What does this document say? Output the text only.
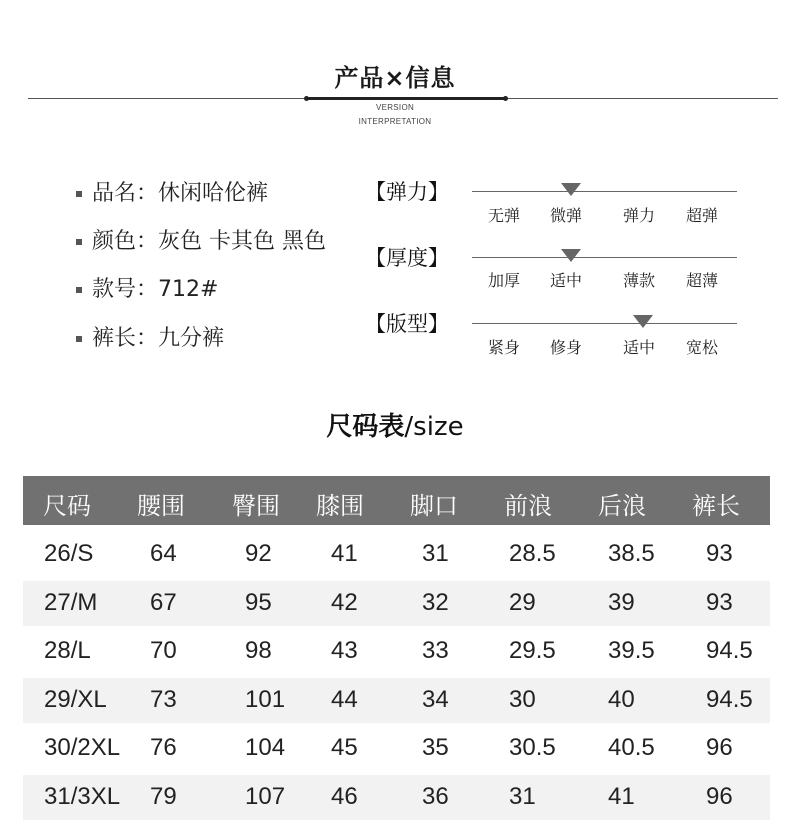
产品×信息
VERSION
INTERPRETATION
品名：休闲哈伦裤
颜色：灰色 卡其色 黑色
款号：712#
裤长：九分裤
【弹力】
无弹 微弹	弹力 超弹
【厚度】
加厚 适中	薄款 超薄
【版型】
紧身 修身	适中 宽松
尺码表/size
尺码 腰围 臀围 膝围 脚口 前浪 后浪 裤长
26/S 64	92 41	31	28.5 38.5 93
27/M 67	95 42	32	29	39	93
28/L 70	98 43	33	29.5 39.5 94.5
29/XL 73	101 44	34	30	40	94.5
30/2XL 76	104 45	35	30.5 40.5 96
31/3XL 79	107 46	36	31	41	96
